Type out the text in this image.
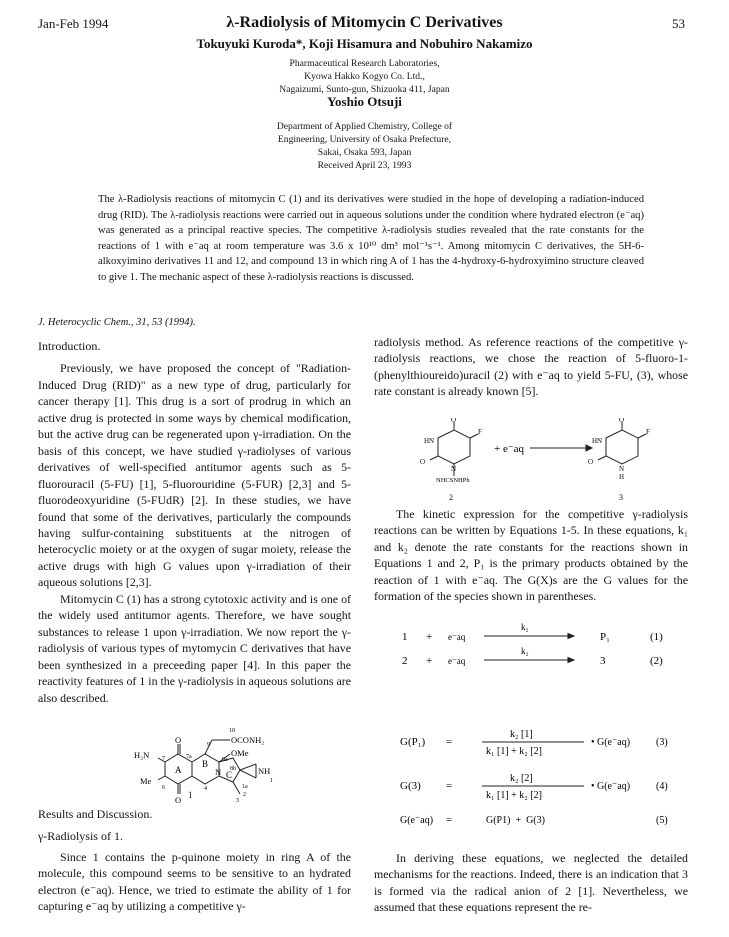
Jan-Feb 1994	λ-Radiolysis of Mitomycin C Derivatives	53
Tokuyuki Kuroda*, Koji Hisamura and Nobuhiro Nakamizo
Pharmaceutical Research Laboratories,
Kyowa Hakko Kogyo Co. Ltd.,
Nagaizumi, Sunto-gun, Shizuoka 411, Japan
Yoshio Otsuji
Department of Applied Chemistry, College of
Engineering, University of Osaka Prefecture,
Sakai, Osaka 593, Japan
Received April 23, 1993
The λ-Radiolysis reactions of mitomycin C (1) and its derivatives were studied in the hope of developing a radiation-induced drug (RID). The λ-radiolysis reactions were carried out in aqueous solutions under the condition where hydrated electron (e⁻aq) was generated as a principal reactive species. The competitive λ-radiolysis studies revealed that the rate constants for the reactions of 1 with e⁻aq at room temperature was 3.6 x 10¹⁰ dm³ mol⁻¹s⁻¹. Among mitomycin C derivatives, the 5H-6-alkoxyimino derivatives 11 and 12, and compound 13 in which ring A of 1 has the 4-hydroxy-6-hydroxyimino structure cleaved to give 1. The mechanic aspect of these λ-radiolysis reactions is discussed.
J. Heterocyclic Chem., 31, 53 (1994).

Introduction.

Previously, we have proposed the concept of "Radiation-Induced Drug (RID)" as a new type of drug, particularly for cancer therapy [1]. This drug is a sort of prodrug in which an active drug is protected in some ways by chemical modification, but the active drug can be regenerated upon γ-irradiation. On the basis of this concept, we have studied γ-radiolyses of various derivatives of well-specified antitumor agents such as 5-fluorouracil (5-FU) [1], 5-fluorouridine (5-FUR) [2,3] and 5-fluorodeoxyuridine (5-FUdR) [2]. In these studies, we have found that some of the derivatives, particularly the compounds having sulfur-containing substituents at the nitrogen of heterocyclic moiety or at the oxygen of sugar moiety, release the active drugs with high G values upon γ-irradiation of their aqueous solutions [2,3].

Mitomycin C (1) has a strong cytotoxic activity and is one of the widely used antitumor agents. Therefore, we have sought substances to release 1 upon γ-irradiation. We now report the γ-radiolysis of various types of mytomycin C derivatives that have been synthesized in a preceeding paper [4]. In this paper the reactivity features of 1 in the γ-radiolysis in aqueous solutions are also described.

H₂N
Me
O
O
OCONH₂
OMe
NH
A
B
N C
10
9
9a
8b
1a
2
3
4
6
7	7a
1
1

Results and Discussion.

γ-Radiolysis of 1.

Since 1 contains the p-quinone moiety in ring A of the molecule, this compound seems to be sensitive to an hydrated electron (e⁻aq). Hence, we tried to estimate the ability of 1 for capturing e⁻aq by utilizing a competitive γ-

radiolysis method. As reference reactions of the competitive γ-radiolysis reactions, we chose the reaction of 5-fluoro-1-(phenylthioureido)uracil (2) with e⁻aq to yield 5-FU, (3), whose rate constant is already known [5].

O
HN
F
N
O
NHCSNHPh
+ e⁻aq
O
HN
F
N
O
H
2	3

The kinetic expression for the competitive γ-radiolysis reactions can be written by Equations 1-5. In these equations, k₁ and k₂ denote the rate constants for the reactions shown in Equations 1 and 2, P₁ is the primary products obtained by the reaction of 1 with e⁻aq. The G(X)s are the G values for the formation of the species shown in parentheses.

1 + e⁻aq
k₁
P₁	(1)
2 + e⁻aq
k₂
3	(2)
G(P₁) =
k₂ [1]
k₁ [1] + k₂ [2]
• G(e⁻aq)	(3)
G(3) =
k₂ [2]
k₁ [1] + k₂ [2]
• G(e⁻aq)	(4)
G(e⁻aq) =	G(P1)  +  G(3)	(5)

In deriving these equations, we neglected the detailed mechanisms for the reactions. Indeed, there is an indication that 3 is formed via the radical anion of 2 [1]. Nevertheless, we assumed that these equations represent the re-
